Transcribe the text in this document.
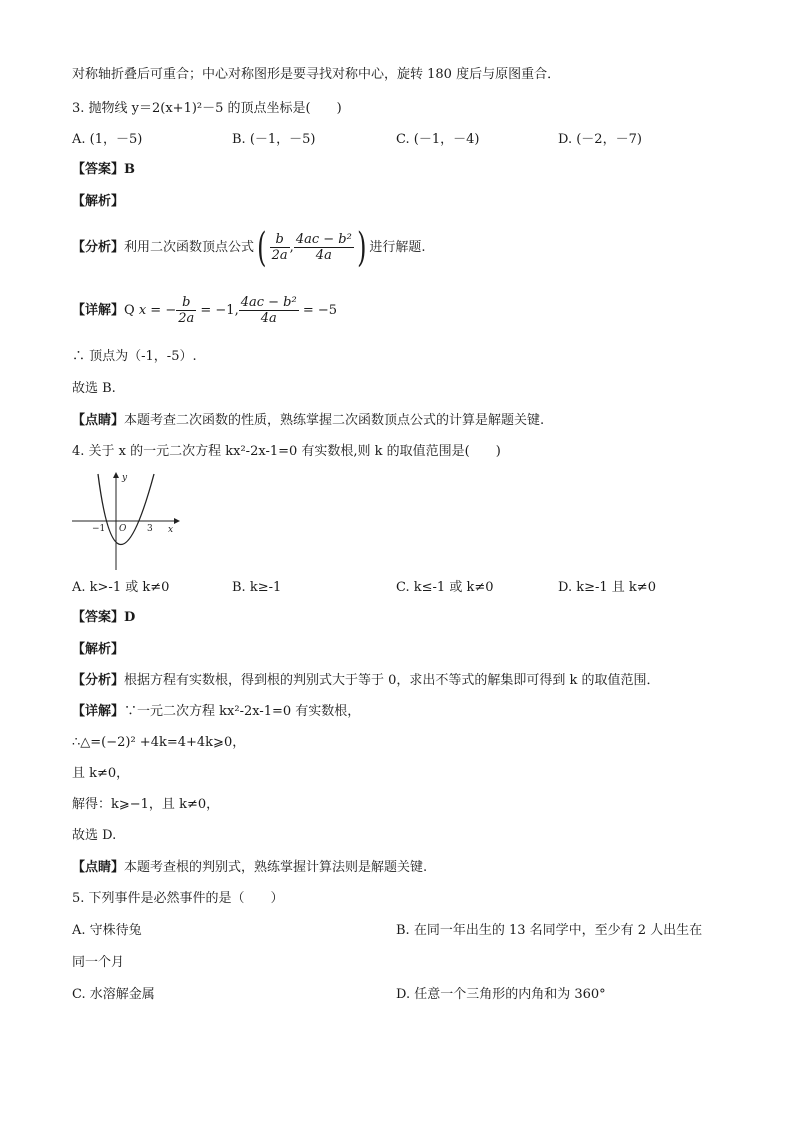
对称轴折叠后可重合；中心对称图形是要寻找对称中心，旋转 180 度后与原图重合．
3. 抛物线 y＝2(x+1)²－5 的顶点坐标是(　　)
A. (1，－5)	B. (－1，－5)	C. (－1，－4)	D. (－2，－7)
【答案】B
【解析】
【分析】利用二次函数顶点公式( $\frac{b}{2a}$ , $\frac{\text{4ac − b²}}{4a}$ ) 进行解题.
【详解】Q x = − $\frac{b}{2a} = -1$, $\frac{\text{4ac − b²}}{4a} = -5$
∴ 顶点为（-1，-5）.
故选 B.
【点睛】本题考查二次函数的性质，熟练掌握二次函数顶点公式的计算是解题关键.
4. 关于 x 的一元二次方程 kx²-2x-1=0 有实数根,则 k 的取值范围是(　　)
y
x
O
−1	3
A. k>-1 或 k≠0	B. k≥-1	C. k≤-1 或 k≠0	D. k≥-1 且 k≠0
【答案】D
【解析】
【分析】根据方程有实数根，得到根的判别式大于等于 0，求出不等式的解集即可得到 k 的取值范围．
【详解】∵一元二次方程 kx²-2x-1=0 有实数根，
∴△=(−2)² +4k=4+4k⩾0，
且 k≠0，
解得：k⩾−1，且 k≠0，
故选 D.
【点睛】本题考查根的判别式，熟练掌握计算法则是解题关键.
5. 下列事件是必然事件的是（　　）
A. 守株待兔	B. 在同一年出生的 13 名同学中，至少有 2 人出生在
同一个月
C. 水溶解金属	D. 任意一个三角形的内角和为 360°
